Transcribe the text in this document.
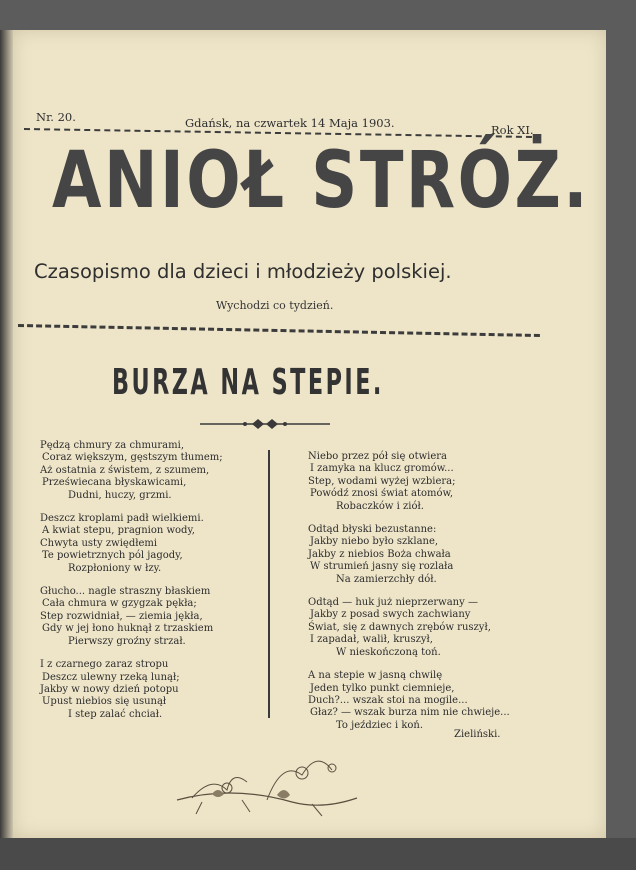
Nr. 20.	Gdańsk, na czwartek 14 Maja 1903.	Rok XI.
ANIOŁ STRÓŻ.
Czasopismo dla dzieci i młodzieży polskiej.
Wychodzi co tydzień.
BURZA NA STEPIE.
Pędzą chmury za chmurami,
Coraz większym, gęstszym tłumem;
Aż ostatnia z świstem, z szumem,
Przeświecana błyskawicami,
Dudni, huczy, grzmi.
Deszcz kroplami padł wielkiemi.
A kwiat stepu, pragnion wody,
Chwyta usty zwiędłemi
Te powietrznych pól jagody,
Rozpłoniony w łzy.
Głucho... nagle straszny błaskiem
Cała chmura w gzygzak pękła;
Step rozwidniał, — ziemia jękła,
Gdy w jej łono huknął z trzaskiem
Pierwszy groźny strzał.
I z czarnego zaraz stropu
Deszcz ulewny rzeką lunął;
Jakby w nowy dzień potopu
Upust niebios się usunął
I step zalać chciał.
Niebo przez pół się otwiera
I zamyka na klucz gromów...
Step, wodami wyżej wzbiera;
Powódź znosi świat atomów,
Robaczków i ziół.
Odtąd błyski bezustanne:
Jakby niebo było szklane,
Jakby z niebios Boża chwała
W strumień jasny się rozlała
Na zamierzchły dół.
Odtąd — huk już nieprzerwany —
Jakby z posad swych zachwiany
Świat, się z dawnych zrębów ruszył,
I zapadał, walił, kruszył,
W nieskończoną toń.
A na stepie w jasną chwilę
Jeden tylko punkt ciemnieje,
Duch?... wszak stoi na mogile...
Głaz? — wszak burza nim nie chwieje...
To jeździec i koń.
Zieliński.
